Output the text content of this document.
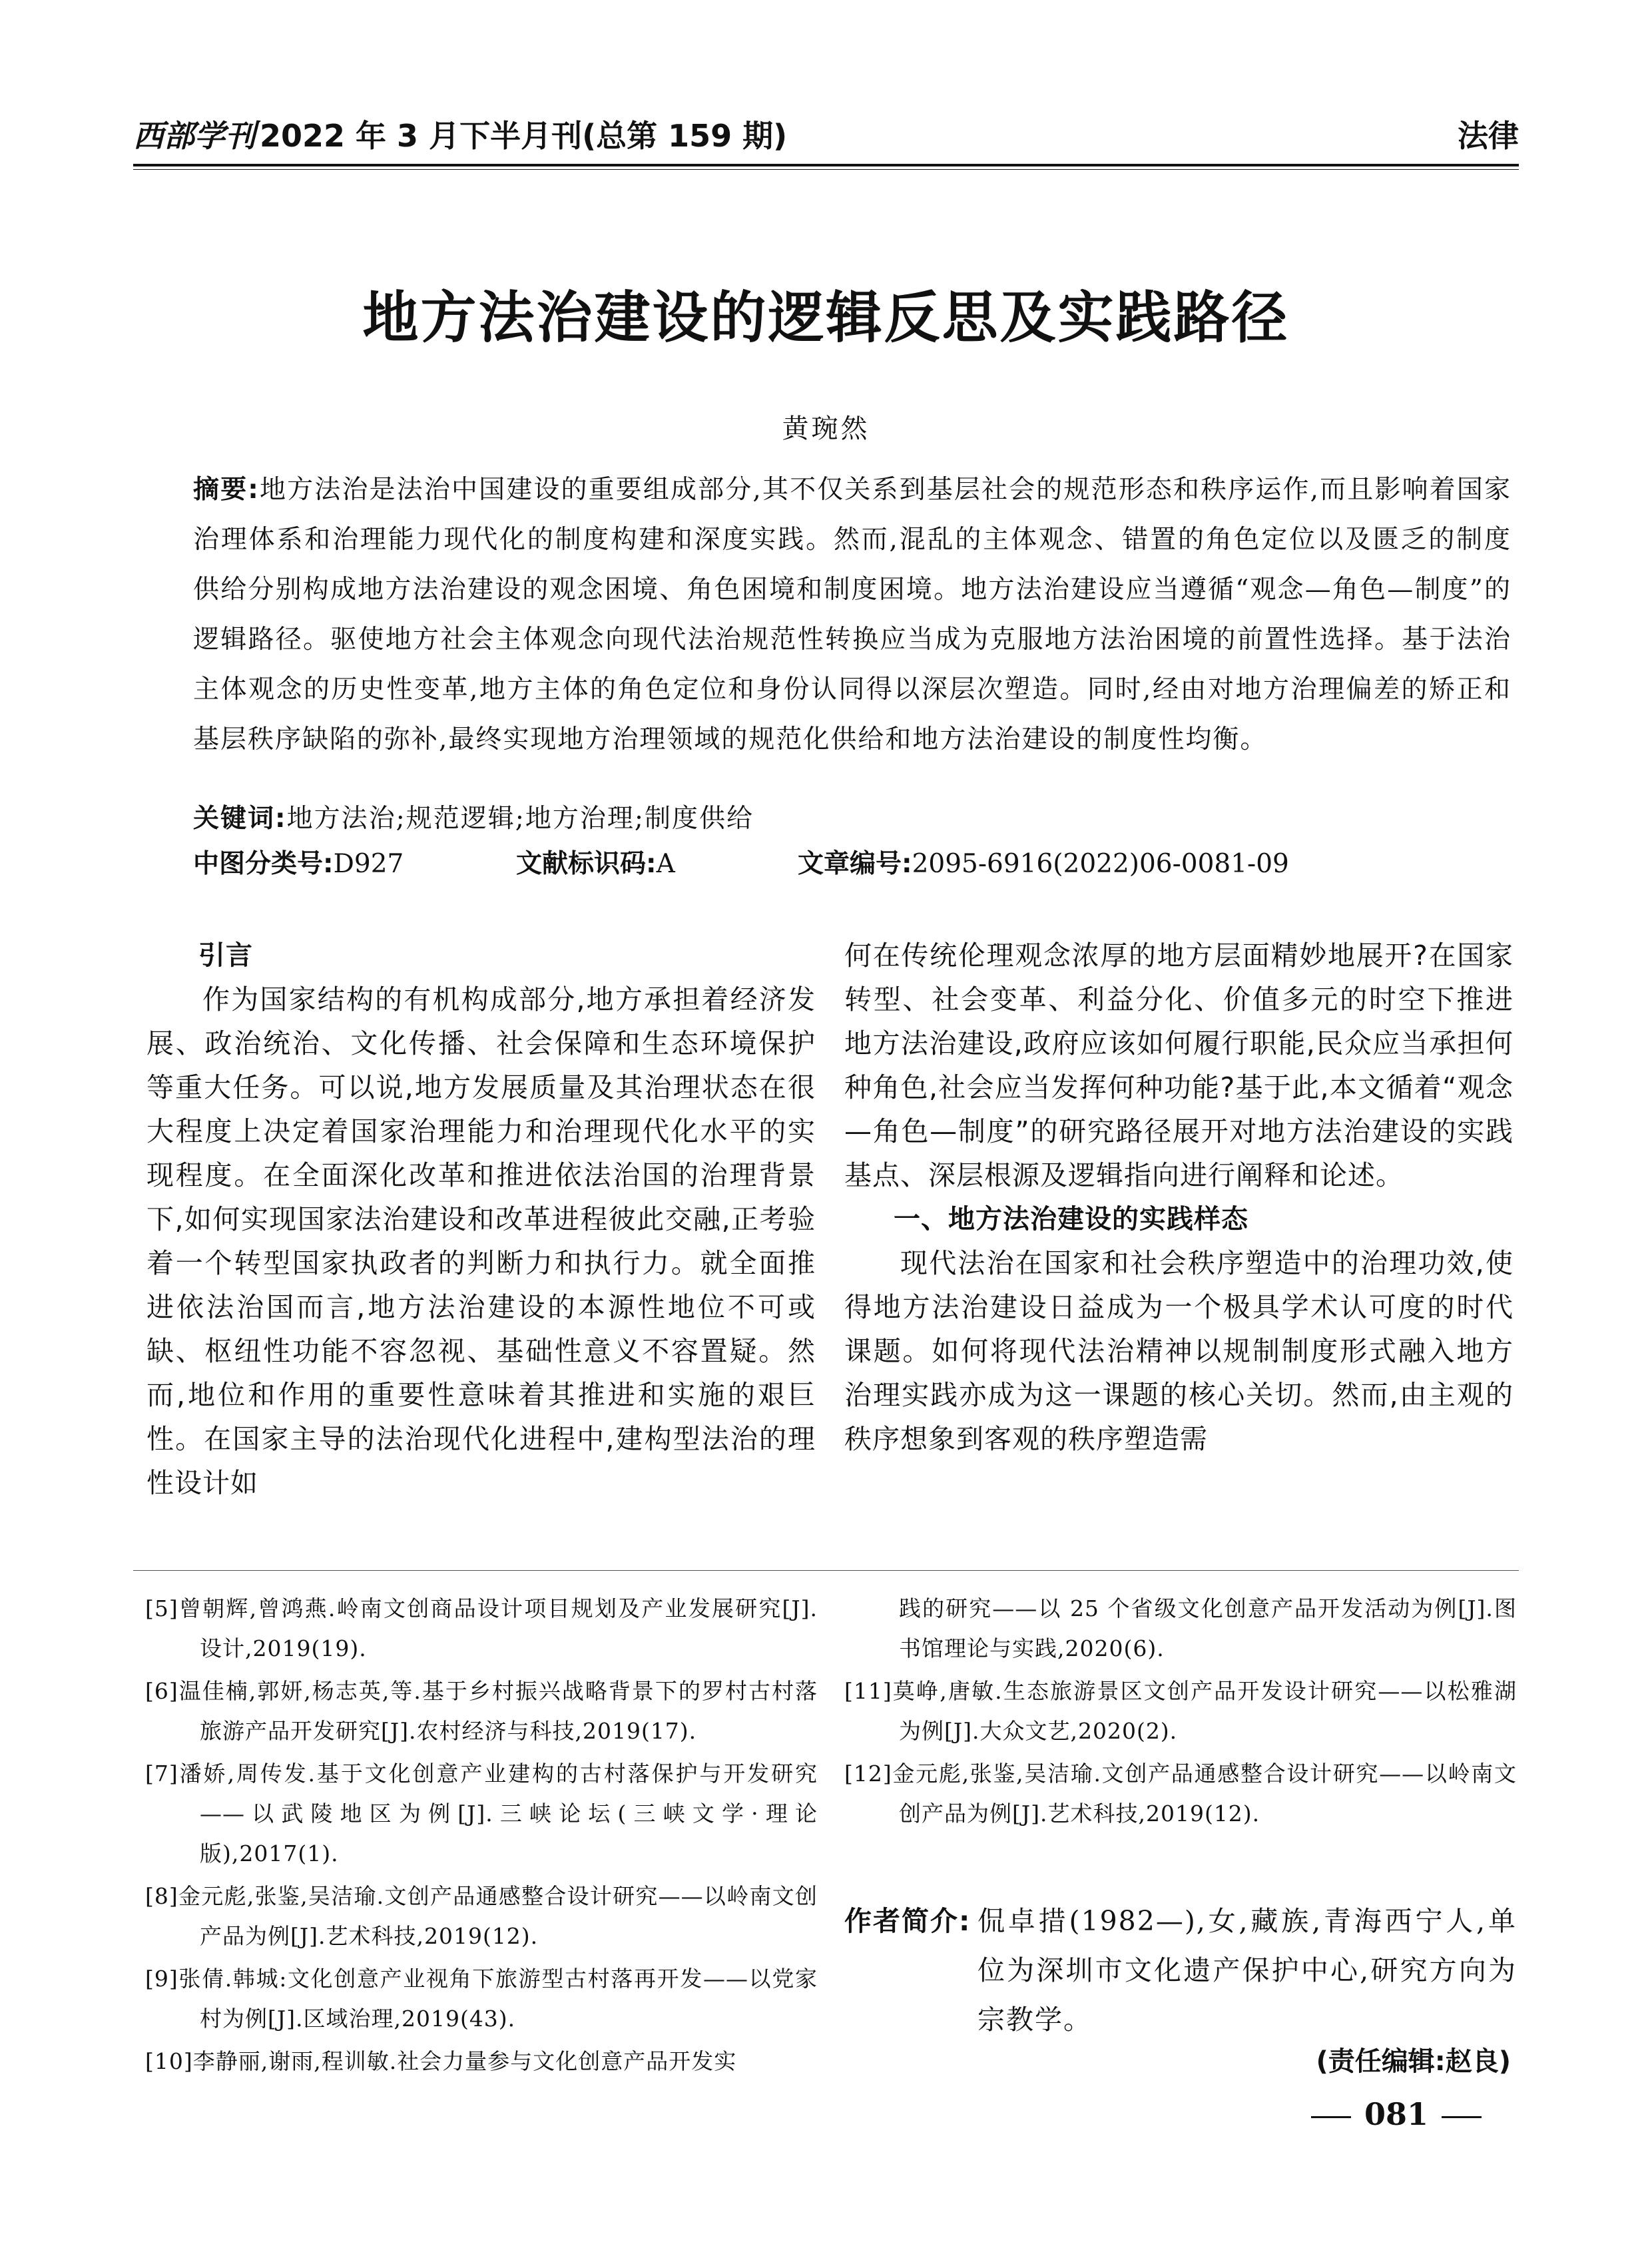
西部学刊 2022 年 3 月下半月刊(总第 159 期)	法律
地方法治建设的逻辑反思及实践路径
黄琬然
摘要:地方法治是法治中国建设的重要组成部分,其不仅关系到基层社会的规范形态和秩序运作,而且影响着国家治理体系和治理能力现代化的制度构建和深度实践。然而,混乱的主体观念、错置的角色定位以及匮乏的制度供给分别构成地方法治建设的观念困境、角色困境和制度困境。地方法治建设应当遵循“观念—角色—制度”的逻辑路径。驱使地方社会主体观念向现代法治规范性转换应当成为克服地方法治困境的前置性选择。基于法治主体观念的历史性变革,地方主体的角色定位和身份认同得以深层次塑造。同时,经由对地方治理偏差的矫正和基层秩序缺陷的弥补,最终实现地方治理领域的规范化供给和地方法治建设的制度性均衡。
关键词:地方法治;规范逻辑;地方治理;制度供给
中图分类号:D927	文献标识码:A	文章编号:2095-6916(2022)06-0081-09
引言

作为国家结构的有机构成部分,地方承担着经济发展、政治统治、文化传播、社会保障和生态环境保护等重大任务。可以说,地方发展质量及其治理状态在很大程度上决定着国家治理能力和治理现代化水平的实现程度。在全面深化改革和推进依法治国的治理背景下,如何实现国家法治建设和改革进程彼此交融,正考验着一个转型国家执政者的判断力和执行力。就全面推进依法治国而言,地方法治建设的本源性地位不可或缺、枢纽性功能不容忽视、基础性意义不容置疑。然而,地位和作用的重要性意味着其推进和实施的艰巨性。在国家主导的法治现代化进程中,建构型法治的理性设计如

何在传统伦理观念浓厚的地方层面精妙地展开?在国家转型、社会变革、利益分化、价值多元的时空下推进地方法治建设,政府应该如何履行职能,民众应当承担何种角色,社会应当发挥何种功能?基于此,本文循着“观念—角色—制度”的研究路径展开对地方法治建设的实践基点、深层根源及逻辑指向进行阐释和论述。

一、地方法治建设的实践样态

现代法治在国家和社会秩序塑造中的治理功效,使得地方法治建设日益成为一个极具学术认可度的时代课题。如何将现代法治精神以规制制度形式融入地方治理实践亦成为这一课题的核心关切。然而,由主观的秩序想象到客观的秩序塑造需

[5]曾朝辉,曾鸿燕.岭南文创商品设计项目规划及产业发展研究[J].设计,2019(19).

[6]温佳楠,郭妍,杨志英,等.基于乡村振兴战略背景下的罗村古村落旅游产品开发研究[J].农村经济与科技,2019(17).

[7]潘娇,周传发.基于文化创意产业建构的古村落保护与开发研究——以武陵地区为例[J].三峡论坛(三峡文学·理论版),2017(1).

[8]金元彪,张鉴,吴洁瑜.文创产品通感整合设计研究——以岭南文创产品为例[J].艺术科技,2019(12).

[9]张倩.韩城:文化创意产业视角下旅游型古村落再开发——以党家村为例[J].区域治理,2019(43).

[10]李静丽,谢雨,程训敏.社会力量参与文化创意产品开发实

践的研究——以 25 个省级文化创意产品开发活动为例[J].图书馆理论与实践,2020(6).

[11]莫峥,唐敏.生态旅游景区文创产品开发设计研究——以松雅湖为例[J].大众文艺,2020(2).

[12]金元彪,张鉴,吴洁瑜.文创产品通感整合设计研究——以岭南文创产品为例[J].艺术科技,2019(12).

作者简介: 侃卓措(1982—),女,藏族,青海西宁人,单位为深圳市文化遗产保护中心,研究方向为宗教学。
(责任编辑:赵良)
081
